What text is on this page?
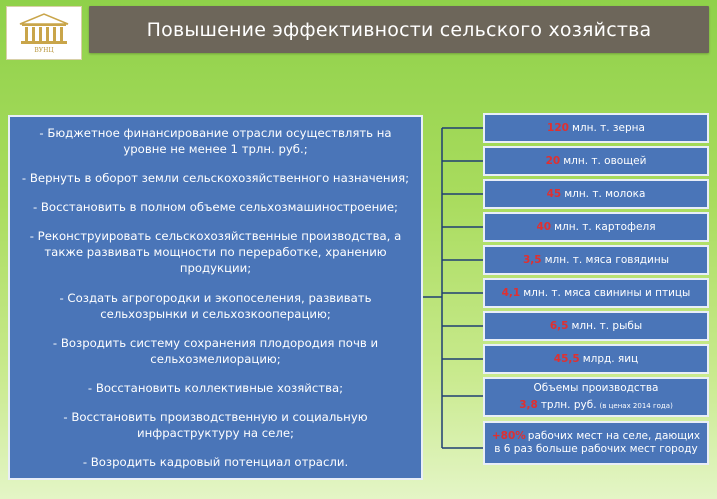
ВУНЦ
Повышение эффективности сельского хозяйства
- Бюджетное финансирование отрасли осуществлять на уровне не менее 1 трлн. руб.;
- Вернуть в оборот земли сельскохозяйственного назначения;
- Восстановить в полном объеме сельхозмашиностроение;
- Реконструировать сельскохозяйственные производства, а также развивать мощности по переработке, хранению продукции;
- Создать агрогородки и экопоселения, развивать сельхозрынки и сельхозкооперацию;
- Возродить систему сохранения плодородия почв и сельхозмелиорацию;
- Восстановить коллективные хозяйства;
- Восстановить производственную и социальную инфраструктуру на селе;
- Возродить кадровый потенциал отрасли.
120 млн. т. зерна
20 млн. т. овощей
45 млн. т. молока
40 млн. т. картофеля
3,5 млн. т. мяса говядины
4,1 млн. т. мяса свинины и птицы
6,5 млн. т. рыбы
45,5 млрд. яиц
Объемы производства
3,8 трлн. руб. (в ценах 2014 года)
+80% рабочих мест на селе, дающих
в 6 раз больше рабочих мест городу
